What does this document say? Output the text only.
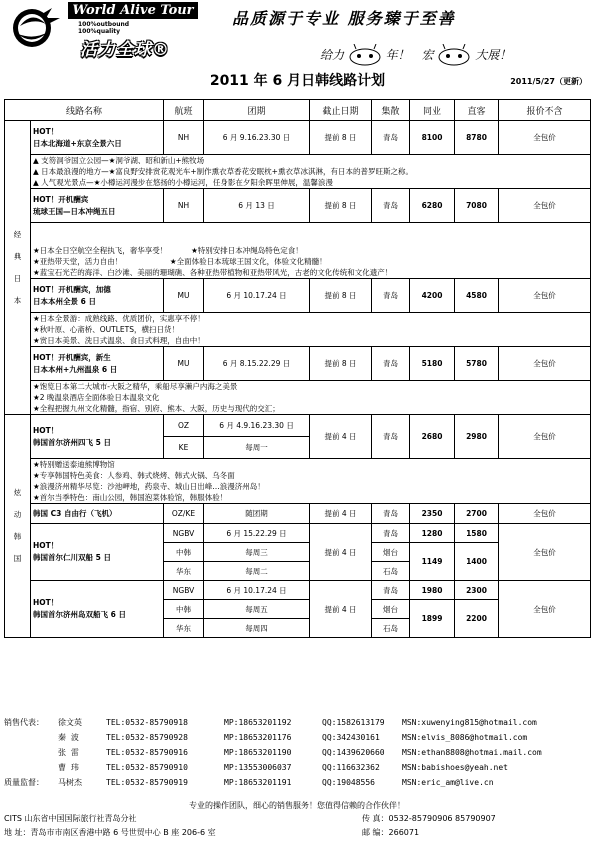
World Alive Tour
100%outbound
100%quality
活力全球®
品质源于专业 服务臻于至善
给力	年！ 宏	大展！
2011 年 6 月日韩线路计划	2011/5/27（更新）
线路名称		航班	团期	截止日期	集散	同业	直客	报价不含

经
典
日
本	HOT！
日本北海道+东京全景六日	NH	6 月 9.16.23.30 日	提前 8 日	青岛	8100	8780	全包价

	▲ 支笏洞爷国立公园—★洞爷湖、昭和新山+熊牧场
▲ 日本最浪漫的地方—★富良野安排赏花观光车+制作熏衣草香花安眠枕+熏衣草冰淇淋，有日本的普罗旺斯之称。
▲ 人气观光景点—★小樽运河漫步在悠扬的小樽运河，任身影在夕阳余晖里伸展，温馨浪漫							

	HOT！开机酬宾
琉球王国—日本冲绳五日	NH	6 月 13 日	提前 8 日	青岛	6280	7080	全包价

	★日本全日空航空全程执飞，奢华享受！          ★特别安排日本冲绳岛特色定食！
★亚热带天堂，活力自由！                    ★全面体验日本琉球王国文化，体验文化精髓！
★蓝宝石光芒的海洋、白沙滩、美丽的珊瑚礁、各种亚热带植物和亚热带风光，古老的文化传统和文化遗产！							

	HOT！开机酬宾，加德
日本本州全景 6 日	MU	6 月 10.17.24 日	提前 8 日	青岛	4200	4580	全包价

	★日本全景游：成熟线路、优质团价，实惠享不停！
★秋叶原、心斋桥、OUTLETS，横扫日货！
★赏日本美景、洗日式温泉、食日式料理，自由中！							

	HOT！开机酬宾，新生
日本本州+九州温泉 6 日	MU	6 月 8.15.22.29 日	提前 8 日	青岛	5180	5780	全包价

	★饱览日本第二大城市-大阪之精华，乘船尽享濑户内海之美景
★2 晚温泉酒店全面体验日本温泉文化
★全程把握九州文化精髓，指宿、别府、熊本、大阪，历史与现代的交汇；							

炫
动
韩
国	HOT！
韩国首尔济州四飞 5 日	OZ	6 月 4.9.16.23.30 日	提前 4 日	青岛	2680	2980	全包价
		KE	每周一					

	★特别赠送泰迪熊博物馆
★专享韩国特色美食：人参鸡、韩式烧烤、韩式火锅、乌冬面
★浪漫济州精华尽览：沙池岬地，药泉寺、城山日出峰…浪漫济州岛！
★首尔当季特色：南山公园，韩国泡菜体验馆，韩服体验！							

	韩国 C3 自由行（飞机）	OZ/KE	随团期	提前 4 日	青岛	2350	2700	全包价
	HOT！
韩国首尔仁川双船 5 日	NGBV	6 月 15.22.29 日	提前 4 日	青岛	1280	1580	全包价
		中韩	每周三		烟台	1149	1400	
		华东	每周二		石岛			
	HOT！
韩国首尔济州岛双船飞 6 日	NGBV	6 月 10.17.24 日	提前 4 日	青岛	1980	2300	全包价
		中韩	每周五		烟台	1899	2200	
		华东	每周四		石岛			
销售代表：
质量监督：
徐文英	TEL:0532-85790918	MP:18653201192	QQ:1582613179 MSN:xuwenying815@hotmail.com
秦 波	TEL:0532-85790928	MP:18653201176	QQ:342430161	MSN:elvis_8086@hotmail.com
张 雷	TEL:0532-85790916	MP:18653201190	QQ:1439620660 MSN:ethan8808@hotmai.mail.com
曹 玮	TEL:0532-85790910	MP:13553006037	QQ:116632362	MSN:babishoes@yeah.net
马树杰	TEL:0532-85790919	MP:18653201191	QQ:19048556	MSN:eric_am@live.cn
专业的操作团队，细心的销售服务！您值得信赖的合作伙伴！
CITS 山东省中国国际旅行社青岛分社	传 真：0532-85790906 85790907
地 址：青岛市市南区香港中路 6 号世贸中心 B 座 206-6 室	邮 编：266071
